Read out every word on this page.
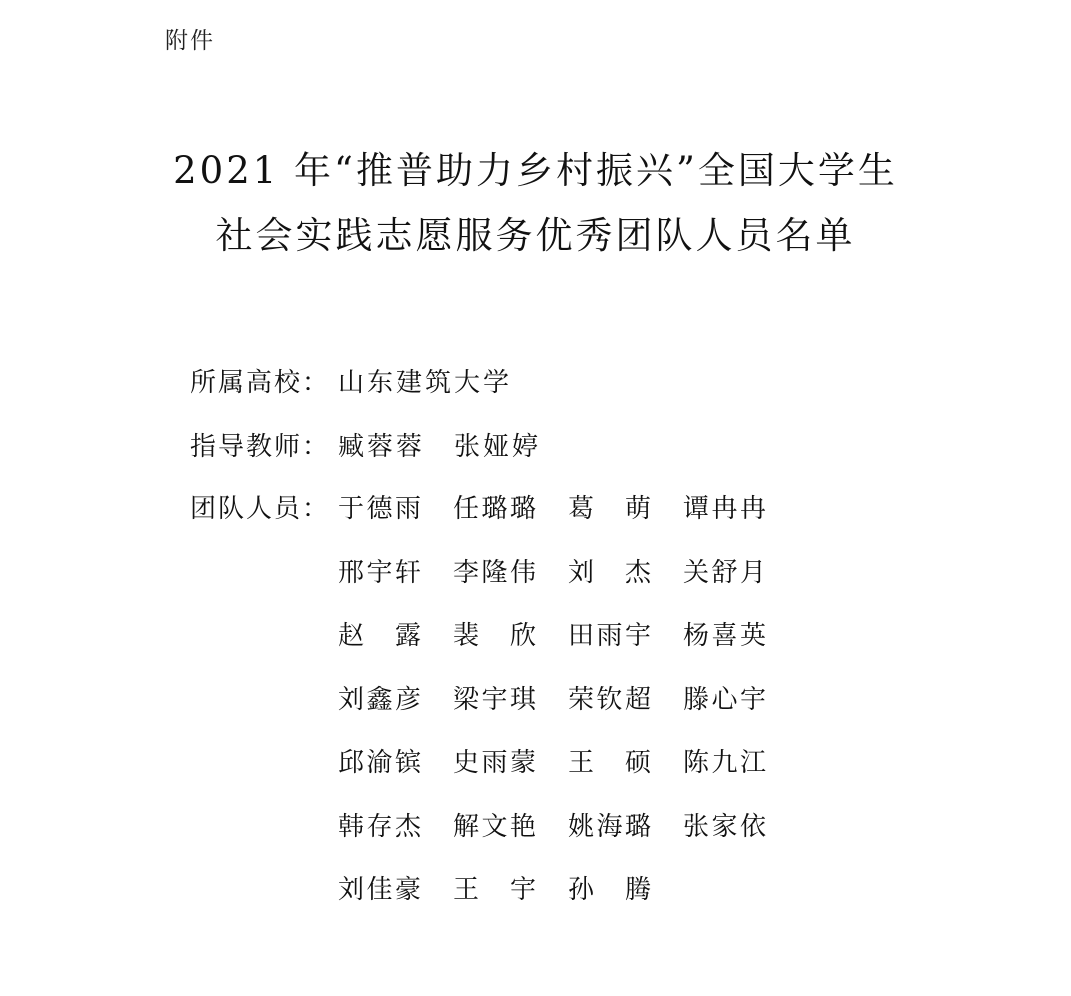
附件
2021 年“推普助力乡村振兴”全国大学生
社会实践志愿服务优秀团队人员名单
所属高校： 山东建筑大学
指导教师： 臧蓉蓉　张娅婷
团队人员： 于 德 雨 任 璐 璐 葛
　 萌 谭 冉 冉
邢 宇 轩 李 隆 伟 刘
　 杰 关 舒 月
赵
　 露 裴
　 欣 田 雨 宇 杨 喜 英
刘 鑫 彦 梁 宇 琪 荣 钦 超 滕 心 宇
邱 渝 镔 史 雨 蒙 王
　 硕 陈 九 江
韩 存 杰 解 文 艳 姚 海 璐 张 家 依
刘 佳 豪 王
　 宇 孙
　 腾
